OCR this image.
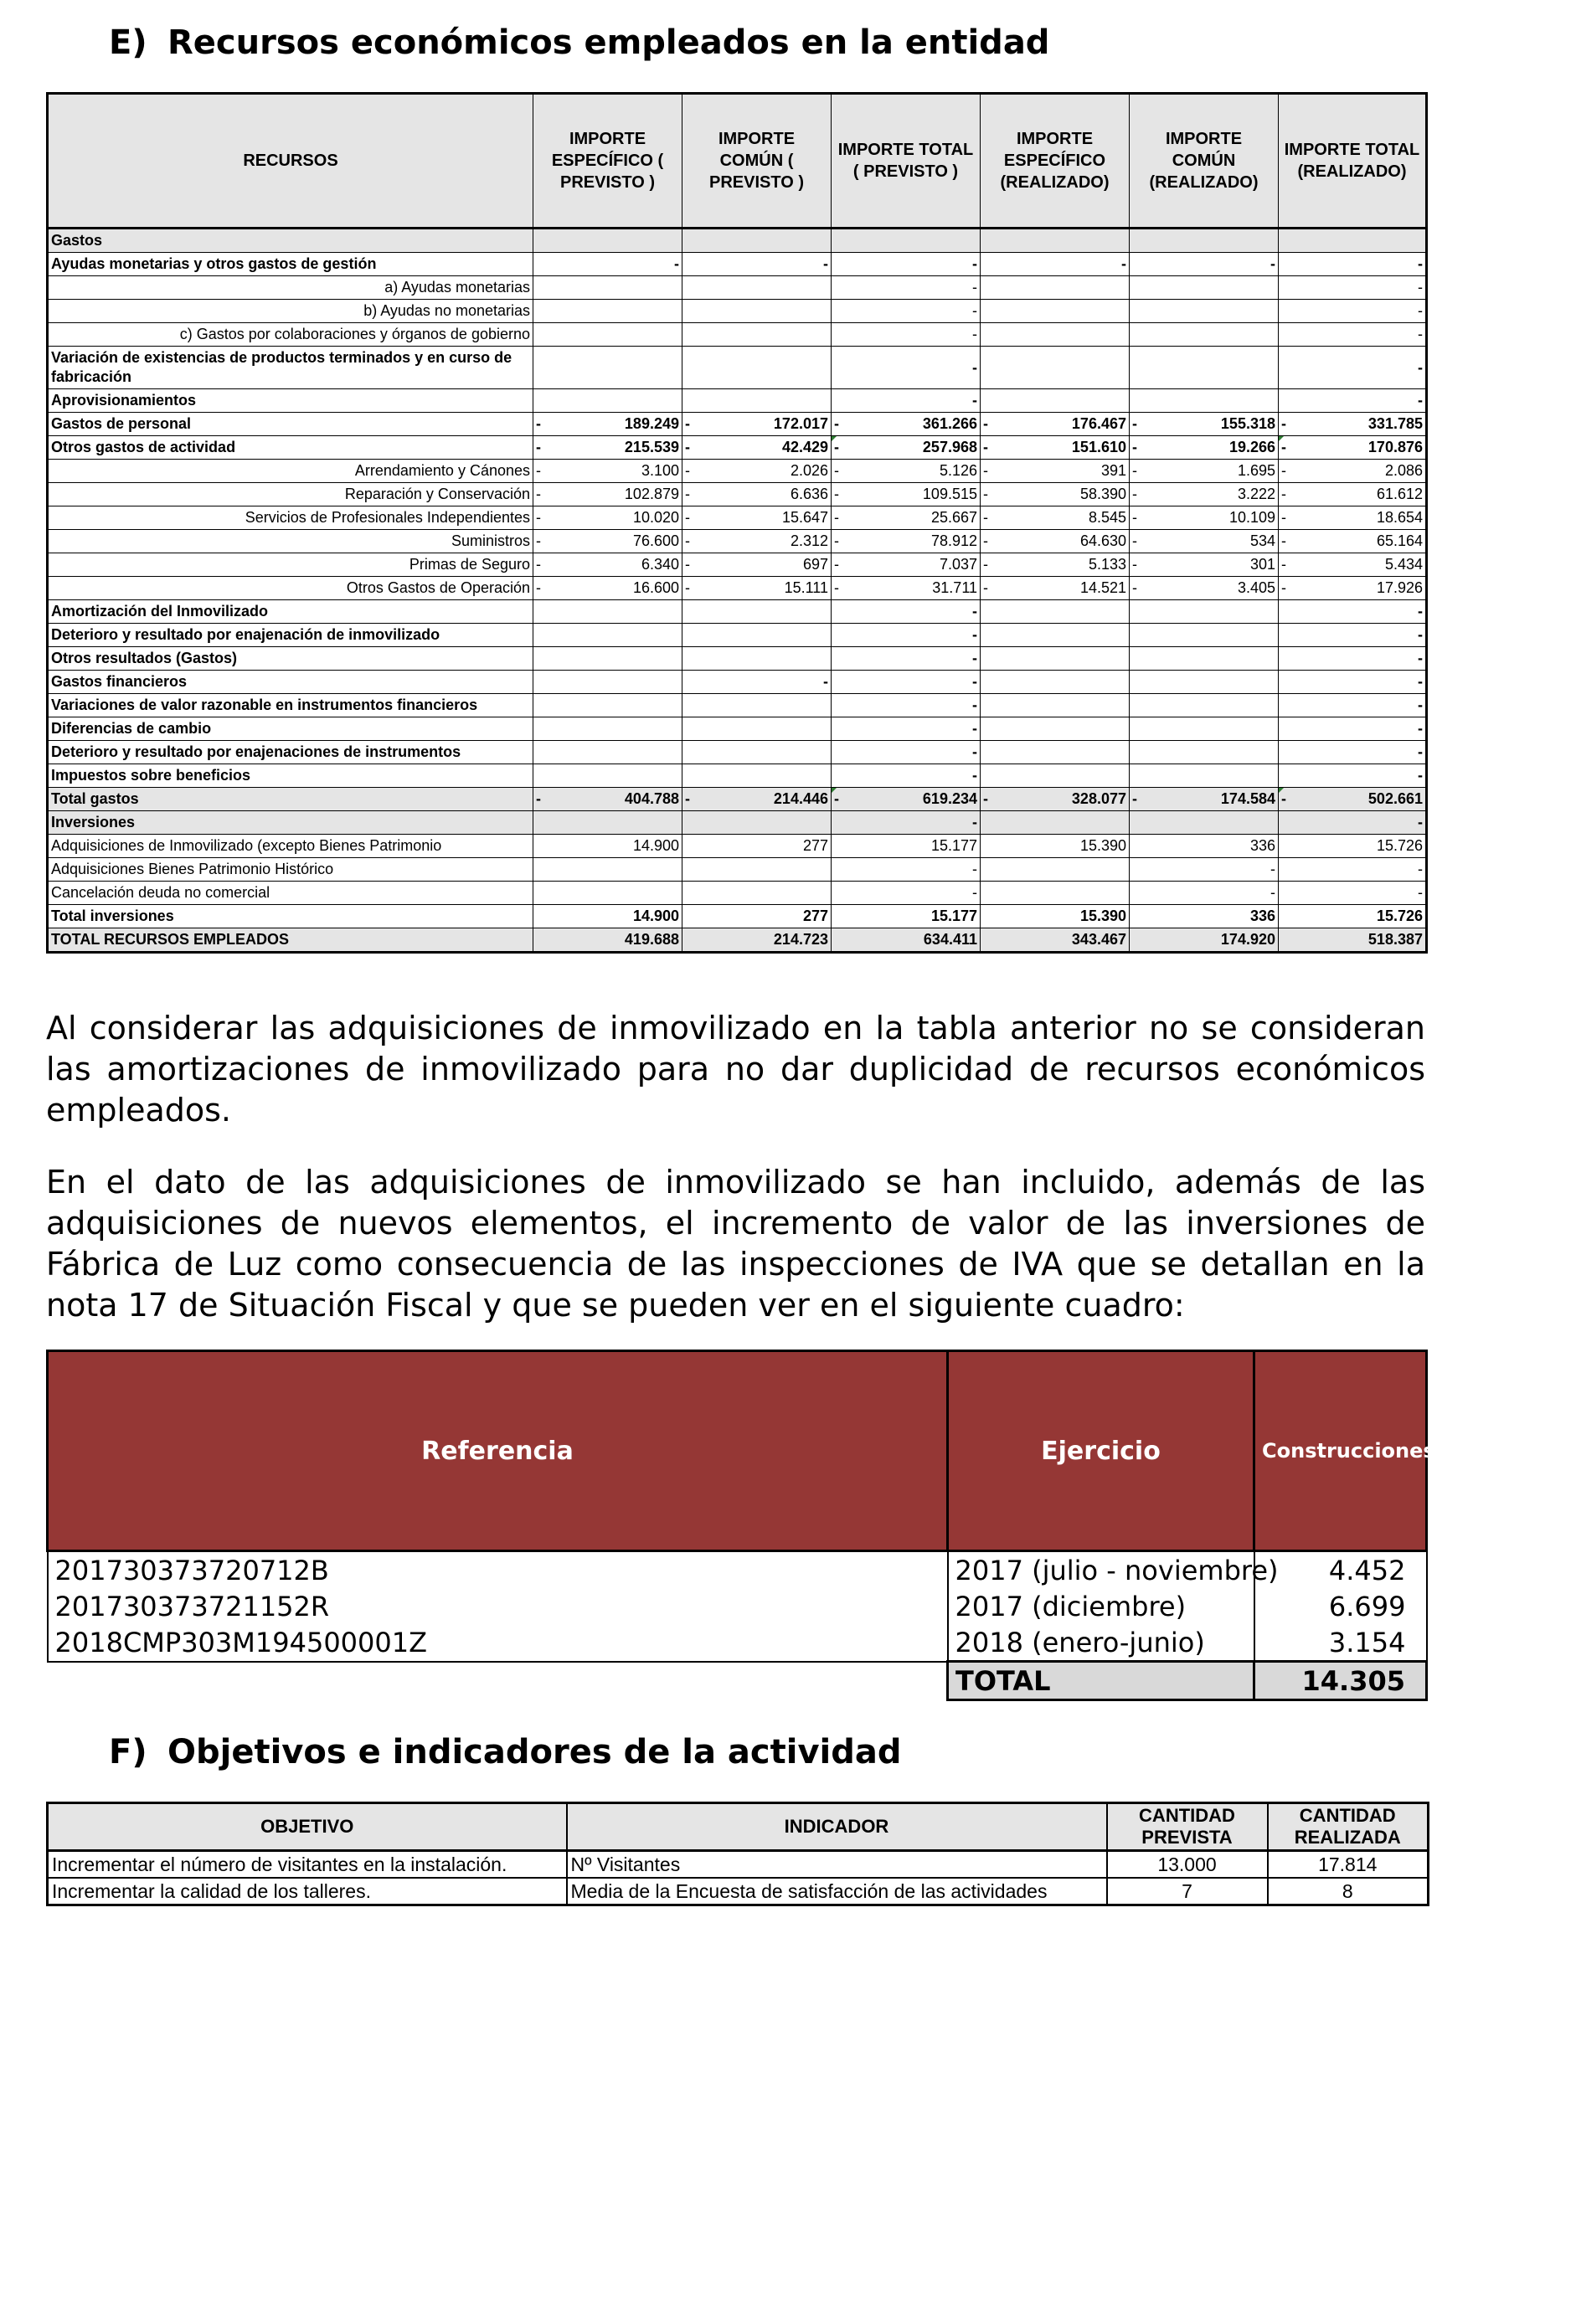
E) Recursos económicos empleados en la entidad
RECURSOS	IMPORTE ESPECÍFICO ( PREVISTO )	IMPORTE COMÚN ( PREVISTO )	IMPORTE TOTAL ( PREVISTO )	IMPORTE ESPECÍFICO (REALIZADO)	IMPORTE COMÚN (REALIZADO)	IMPORTE TOTAL (REALIZADO)
Gastos						
Ayudas monetarias y otros gastos de gestión	-	-	-	-	-	-
a) Ayudas monetarias			-			-
b) Ayudas no monetarias			-			-
c) Gastos por colaboraciones y órganos de gobierno			-			-
Variación de existencias de productos terminados y en curso de fabricación			-			-
Aprovisionamientos			-			-
Gastos de personal	- 189.249	- 172.017	- 361.266	- 176.467	- 155.318	- 331.785
Otros gastos de actividad	- 215.539	- 42.429	- 257.968	- 151.610	- 19.266	- 170.876
Arrendamiento y Cánones	- 3.100	- 2.026	- 5.126	- 391	- 1.695	- 2.086
Reparación y Conservación	- 102.879	- 6.636	- 109.515	- 58.390	- 3.222	- 61.612
Servicios de Profesionales Independientes	- 10.020	- 15.647	- 25.667	- 8.545	- 10.109	- 18.654
Suministros	- 76.600	- 2.312	- 78.912	- 64.630	- 534	- 65.164
Primas de Seguro	- 6.340	- 697	- 7.037	- 5.133	- 301	- 5.434
Otros Gastos de Operación	- 16.600	- 15.111	- 31.711	- 14.521	- 3.405	- 17.926
Amortización del Inmovilizado			-			-
Deterioro y resultado por enajenación de inmovilizado			-			-
Otros resultados (Gastos)			-			-
Gastos financieros		-	-			-
Variaciones de valor razonable en instrumentos financieros			-			-
Diferencias de cambio			-			-
Deterioro y resultado por enajenaciones de instrumentos			-			-
Impuestos sobre beneficios			-			-
Total gastos	- 404.788	- 214.446	- 619.234	- 328.077	- 174.584	- 502.661
Inversiones			-			-
Adquisiciones de Inmovilizado (excepto Bienes Patrimonio	14.900	277	15.177	15.390	336	15.726
Adquisiciones Bienes Patrimonio Histórico			-		-	-
Cancelación deuda no comercial			-		-	-
Total inversiones	14.900	277	15.177	15.390	336	15.726
TOTAL RECURSOS EMPLEADOS	419.688	214.723	634.411	343.467	174.920	518.387
Al considerar las adquisiciones de inmovilizado en la tabla anterior no se consideran las amortizaciones de inmovilizado para no dar duplicidad de recursos económicos empleados.
En el dato de las adquisiciones de inmovilizado se han incluido, además de las adquisiciones de nuevos elementos, el incremento de valor de las inversiones de Fábrica de Luz como consecuencia de las inspecciones de IVA que se detallan en la nota 17 de Situación Fiscal y que se pueden ver en el siguiente cuadro:
Referencia	Ejercicio	Construcciones (ver nota 5)
201730373720712B	2017 (julio - noviembre)	4.452
201730373721152R	2017 (diciembre)	6.699
2018CMP303M194500001Z	2018 (enero-junio)	3.154
	TOTAL	14.305
F) Objetivos e indicadores de la actividad
OBJETIVO	INDICADOR	CANTIDAD PREVISTA	CANTIDAD REALIZADA
Incrementar el número de visitantes en la instalación.	Nº Visitantes	13.000	17.814
Incrementar la calidad de los talleres.	Media de la Encuesta de satisfacción de las actividades	7	8
